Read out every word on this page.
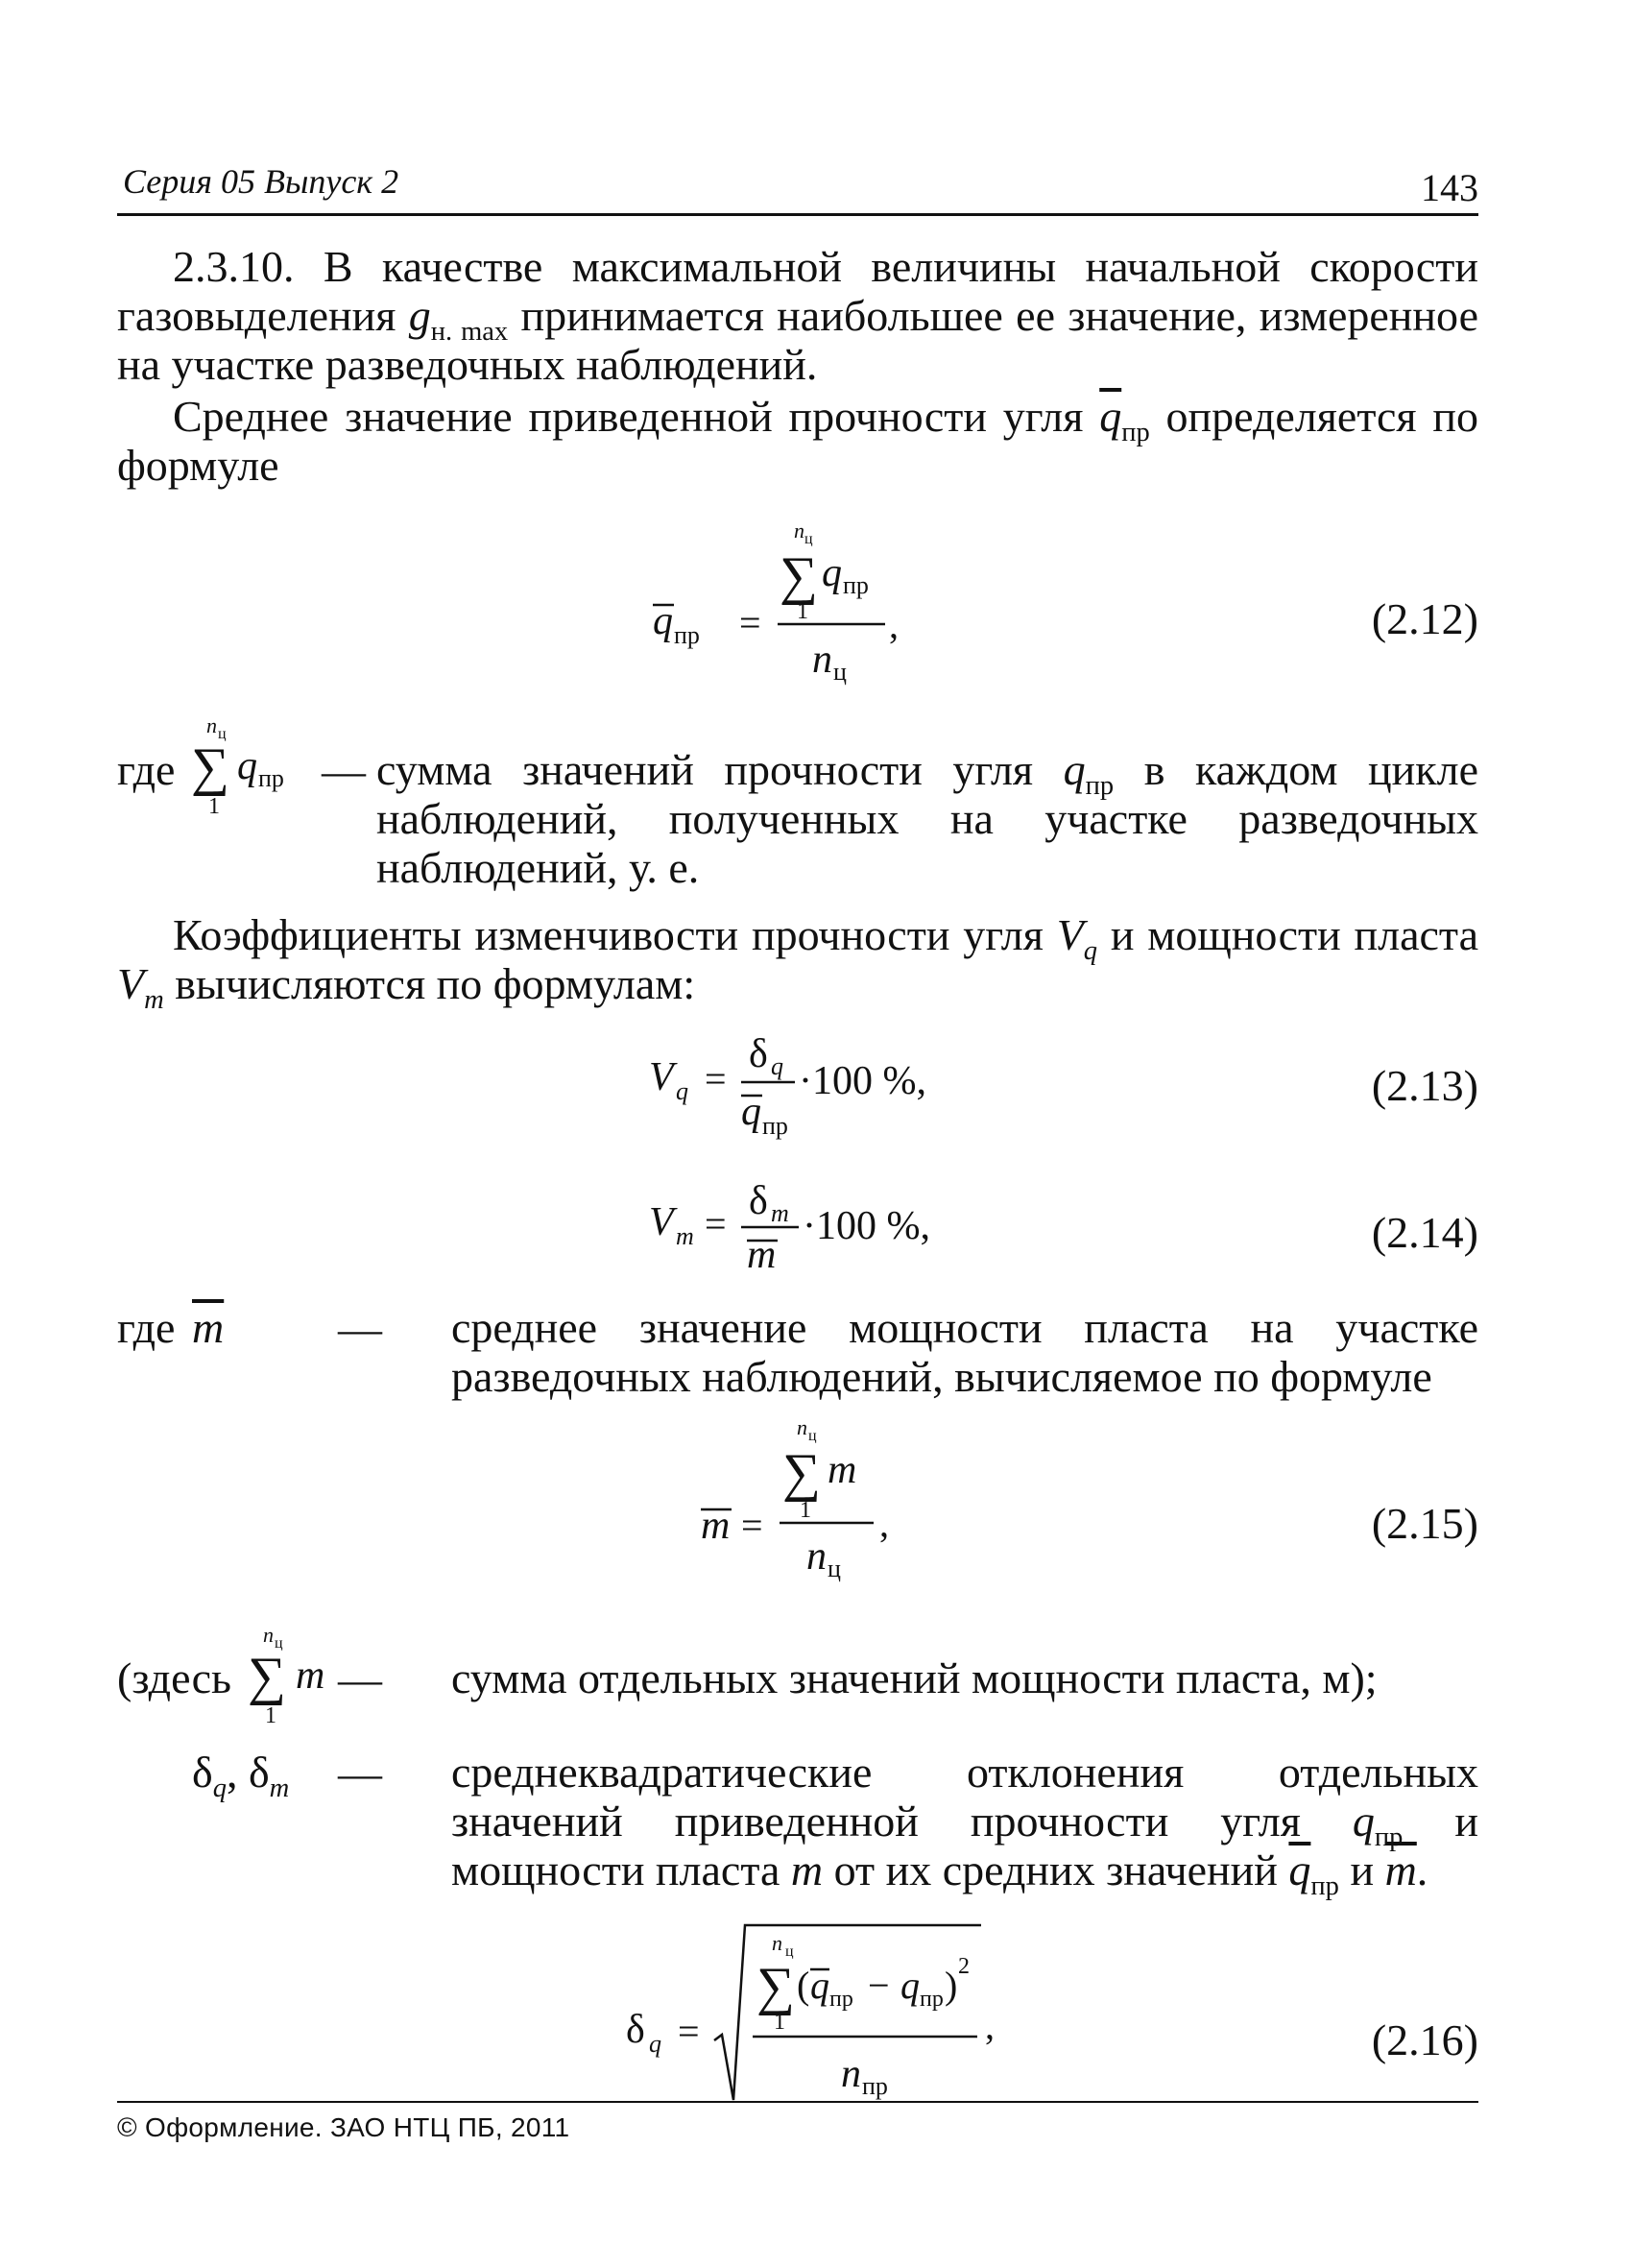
Серия 05 Выпуск 2	143

2.3.10. В качестве максимальной величины начальной скорости газовыделения $g_{н. max}$ принимается наибольшее ее значение, измеренное на участке разведочных наблюдений.

Среднее значение приведенной прочности угля $\overline{q}_{пр}$ определяется по формуле

q пр =
n ц
∑
1
q пр
n ц
,	(2.12)
где
n ц
∑
1
q пр — сумма значений прочности угля $q_{пр}$ в каждом цикле наблюдений, полученных на участке разведочных наблюдений, у. е.

Коэффициенты изменчивости прочности угля $V_q$ и мощности пласта $V_m$ вычисляются по формулам:

V q =
δ q
q пр
·100 %,	(2.13)
V m =
δ m
m
·100 %,	(2.14)
где $\overline{m}$	— среднее значение мощности пласта на участке разведочных наблюдений, вычисляемое по формуле
m =
n ц
∑
1
m
n ц
,	(2.15)
(здесь
n ц
∑
1
m — сумма отдельных значений мощности пласта, м);
$\delta_q$, $\delta_m$ — среднеквадратические отклонения отдельных значений приведенной прочности угля $q_{пр}$ и мощности пласта m от их средних значений $\overline{q}_{пр}$ и $\overline{m}$.
δ q =
n ц
∑
1
( q пр − q пр ) 2
n пр
,	(2.16)
© Оформление. ЗАО НТЦ ПБ, 2011
